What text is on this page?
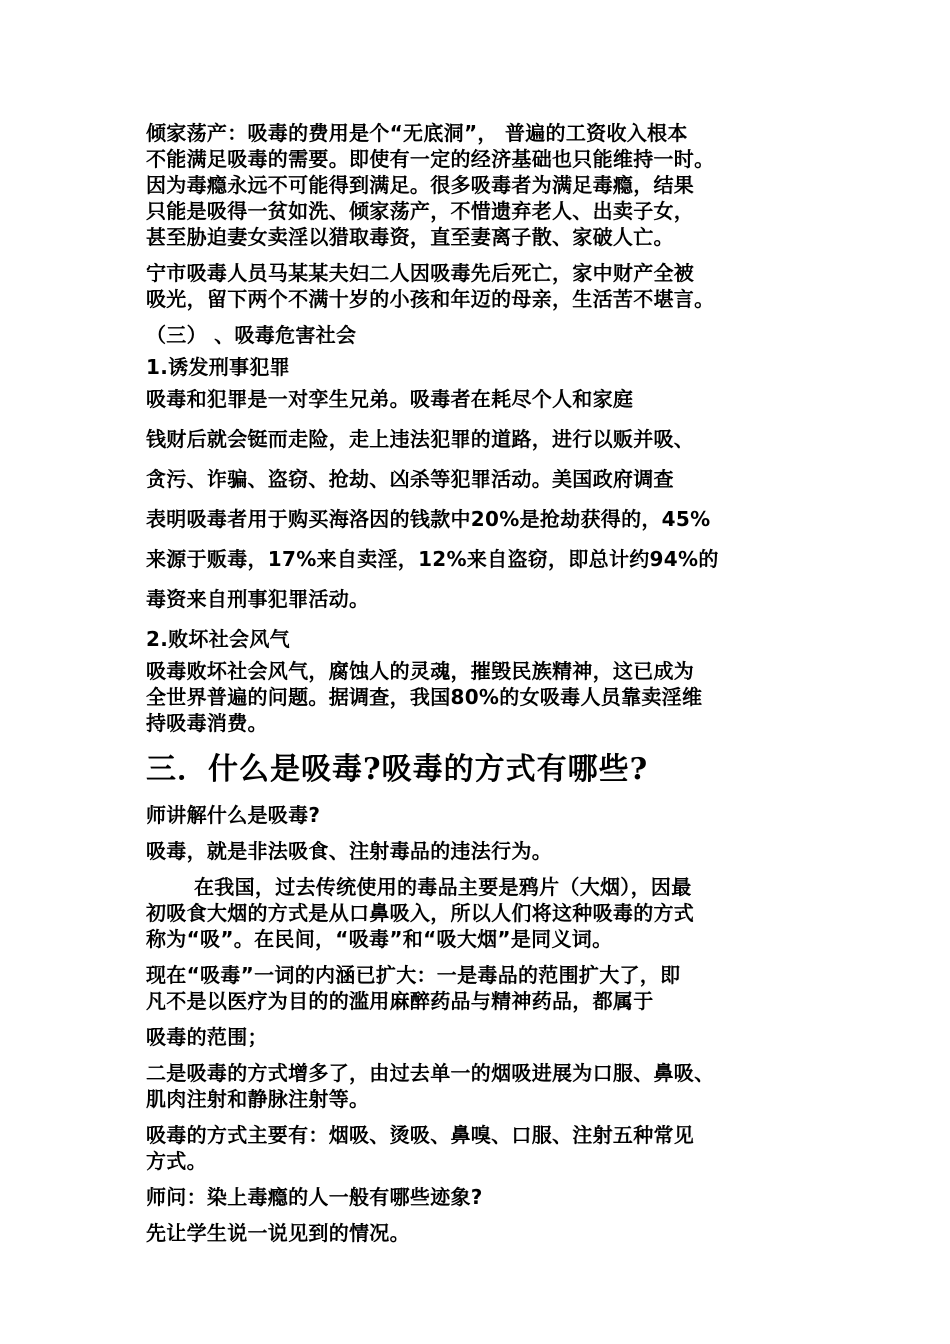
倾家荡产：吸毒的费用是个“无底洞”， 普遍的工资收入根本
不能满足吸毒的需要。即使有一定的经济基础也只能维持一时。
因为毒瘾永远不可能得到满足。很多吸毒者为满足毒瘾，结果
只能是吸得一贫如洗、倾家荡产，不惜遗弃老人、出卖子女，
甚至胁迫妻女卖淫以猎取毒资，直至妻离子散、家破人亡。
宁市吸毒人员马某某夫妇二人因吸毒先后死亡，家中财产全被
吸光，留下两个不满十岁的小孩和年迈的母亲，生活苦不堪言。
（三） 、吸毒危害社会
1.诱发刑事犯罪
吸毒和犯罪是一对孪生兄弟。吸毒者在耗尽个人和家庭
钱财后就会铤而走险，走上违法犯罪的道路，进行以贩并吸、
贪污、诈骗、盗窃、抢劫、凶杀等犯罪活动。美国政府调查
表明吸毒者用于购买海洛因的钱款中20%是抢劫获得的，45%
来源于贩毒，17%来自卖淫，12%来自盗窃，即总计约94%的
毒资来自刑事犯罪活动。
2.败坏社会风气
吸毒败坏社会风气，腐蚀人的灵魂，摧毁民族精神，这已成为
全世界普遍的问题。据调查，我国80%的女吸毒人员靠卖淫维
持吸毒消费。
三．什么是吸毒?吸毒的方式有哪些?
师讲解什么是吸毒?
吸毒，就是非法吸食、注射毒品的违法行为。
在我国，过去传统使用的毒品主要是鸦片（大烟），因最
初吸食大烟的方式是从口鼻吸入，所以人们将这种吸毒的方式
称为“吸”。在民间，“吸毒”和“吸大烟”是同义词。
现在“吸毒”一词的内涵已扩大：一是毒品的范围扩大了，即
凡不是以医疗为目的的滥用麻醉药品与精神药品，都属于
吸毒的范围；
二是吸毒的方式增多了，由过去单一的烟吸进展为口服、鼻吸、
肌肉注射和静脉注射等。
吸毒的方式主要有：烟吸、烫吸、鼻嗅、口服、注射五种常见
方式。
师问：染上毒瘾的人一般有哪些迹象?
先让学生说一说见到的情况。
